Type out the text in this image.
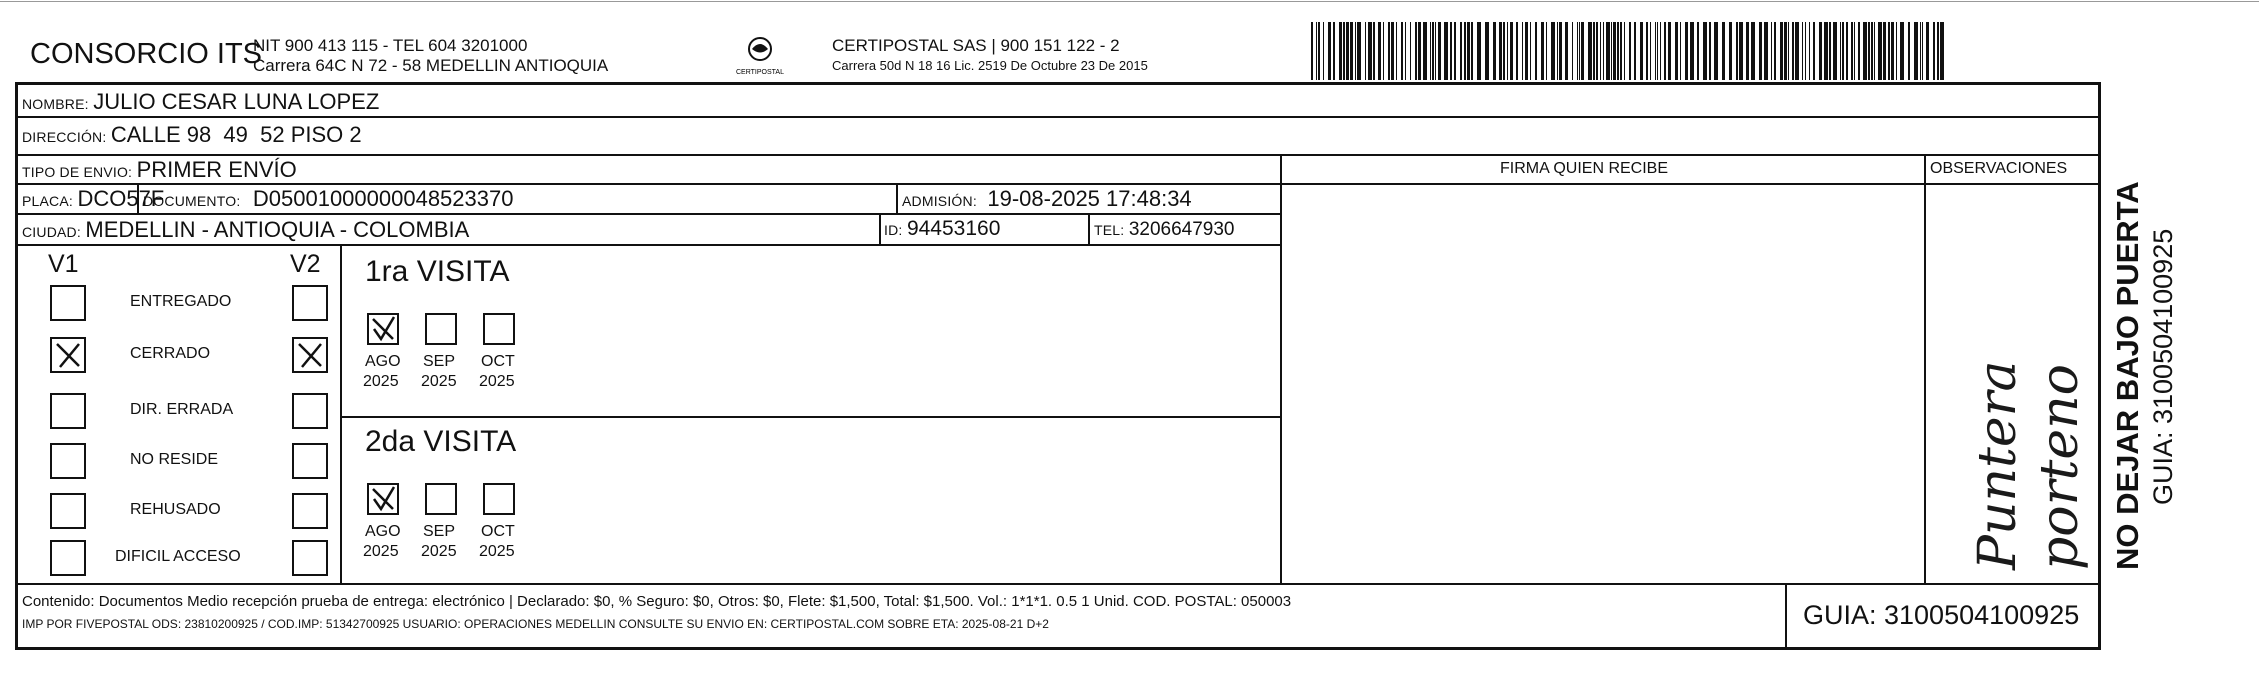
CONSORCIO ITS
NIT 900 413 115 - TEL 604 3201000
Carrera 64C N 72 - 58 MEDELLIN ANTIOQUIA	CERTIPOSTAL
CERTIPOSTAL SAS | 900 151 122 - 2
Carrera 50d N 18 16 Lic. 2519 De Octubre 23 De 2015
NOMBRE: JULIO CESAR LUNA LOPEZ
DIRECCIÓN: CALLE 98  49  52 PISO 2
TIPO DE ENVIO: PRIMER ENVÍO
PLACA: DCO57F
DOCUMENTO: D05001000000048523370	ADMISIÓN: 19-08-2025 17:48:34
CIUDAD: MEDELLIN - ANTIOQUIA - COLOMBIA	ID: 94453160	TEL: 3206647930
FIRMA QUIEN RECIBE	OBSERVACIONES
V1	V2
ENTREGADO
CERRADO
DIR. ERRADA
NO RESIDE
REHUSADO
DIFICIL ACCESO
1ra VISITA
2da VISITA
AGO
2025
SEP
2025
OCT
2025
AGO
2025
SEP
2025
OCT
2025	Puntera porteno NO DEJAR BAJO PUERTA GUIA: 3100504100925
Contenido: Documentos Medio recepción prueba de entrega: electrónico | Declarado: $0, % Seguro: $0, Otros: $0, Flete: $1,500, Total: $1,500. Vol.: 1*1*1. 0.5 1 Unid. COD. POSTAL: 050003
IMP POR FIVEPOSTAL ODS: 23810200925 / COD.IMP: 51342700925 USUARIO: OPERACIONES MEDELLIN CONSULTE SU ENVIO EN: CERTIPOSTAL.COM SOBRE ETA: 2025-08-21 D+2	GUIA: 3100504100925
